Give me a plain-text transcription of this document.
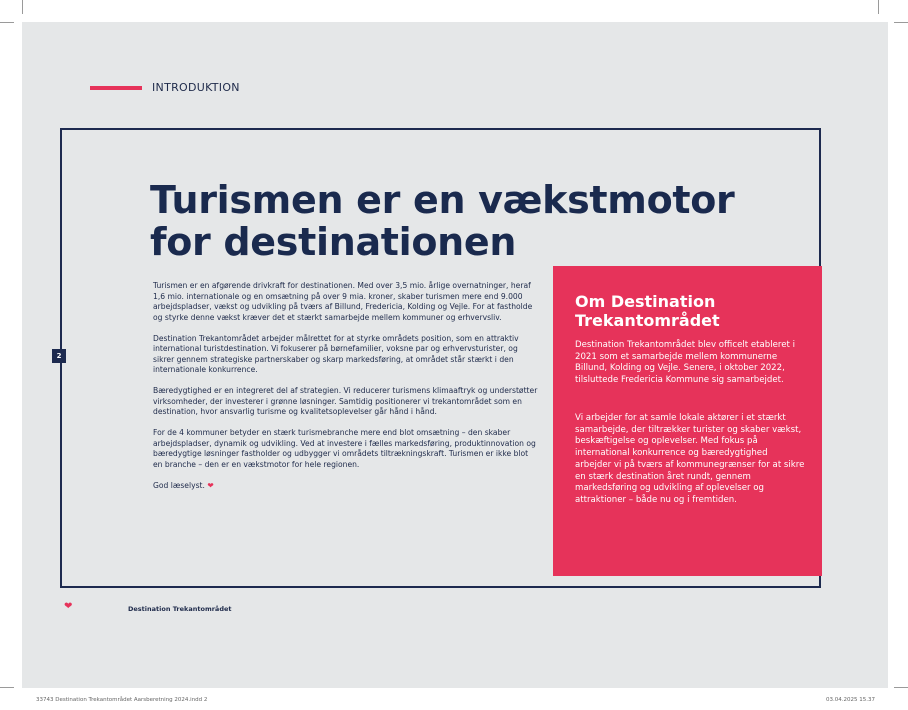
INTRODUKTION
Turismen er en vækstmotor
for destinationen
2

Turismen er en afgørende drivkraft for destinationen. Med over 3,5 mio. årlige overnatninger, heraf 1,6 mio. internationale og en omsætning på over 9 mia. kroner, skaber turismen mere end 9.000 arbejdspladser, vækst og udvikling på tværs af Billund, Fredericia, Kolding og Vejle. For at fastholde og styrke denne vækst kræver det et stærkt samarbejde mellem kommuner og erhvervsliv.

Destination Trekantområdet arbejder målrettet for at styrke områdets position, som en attraktiv international turistdestination. Vi fokuserer på børnefamilier, voksne par og erhvervsturister, og sikrer gennem strategiske partnerskaber og skarp markedsføring, at området står stærkt i den internationale konkurrence.

Bæredygtighed er en integreret del af strategien. Vi reducerer turismens klimaaftryk og understøtter virksomheder, der investerer i grønne løsninger. Samtidig positionerer vi trekantområdet som en destination, hvor ansvarlig turisme og kvalitetsoplevelser går hånd i hånd.

For de 4 kommuner betyder en stærk turismebranche mere end blot omsætning – den skaber arbejdspladser, dynamik og udvikling. Ved at investere i fælles markedsføring, produktinnovation og bæredygtige løsninger fastholder og udbygger vi områdets tiltrækningskraft. Turismen er ikke blot en branche – den er en vækstmotor for hele regionen.

God læselyst. ❤

Om Destination
Trekantområdet

Destination Trekantområdet blev officelt etableret i 2021 som et samarbejde mellem kommunerne Billund, Kolding og Vejle. Senere, i oktober 2022, tilsluttede Fredericia Kommune sig samarbejdet.

Vi arbejder for at samle lokale aktører i et stærkt samarbejde, der tiltrækker turister og skaber vækst, beskæftigelse og oplevelser. Med fokus på international konkurrence og bæredygtighed arbejder vi på tværs af kommunegrænser for at sikre en stærk destination året rundt, gennem markedsføring og udvikling af oplevelser og attraktioner – både nu og i fremtiden.

❤	Destination Trekantområdet
33743 Destination Trekantområdet Aarsberetning 2024.indd 2	03.04.2025 15.37
